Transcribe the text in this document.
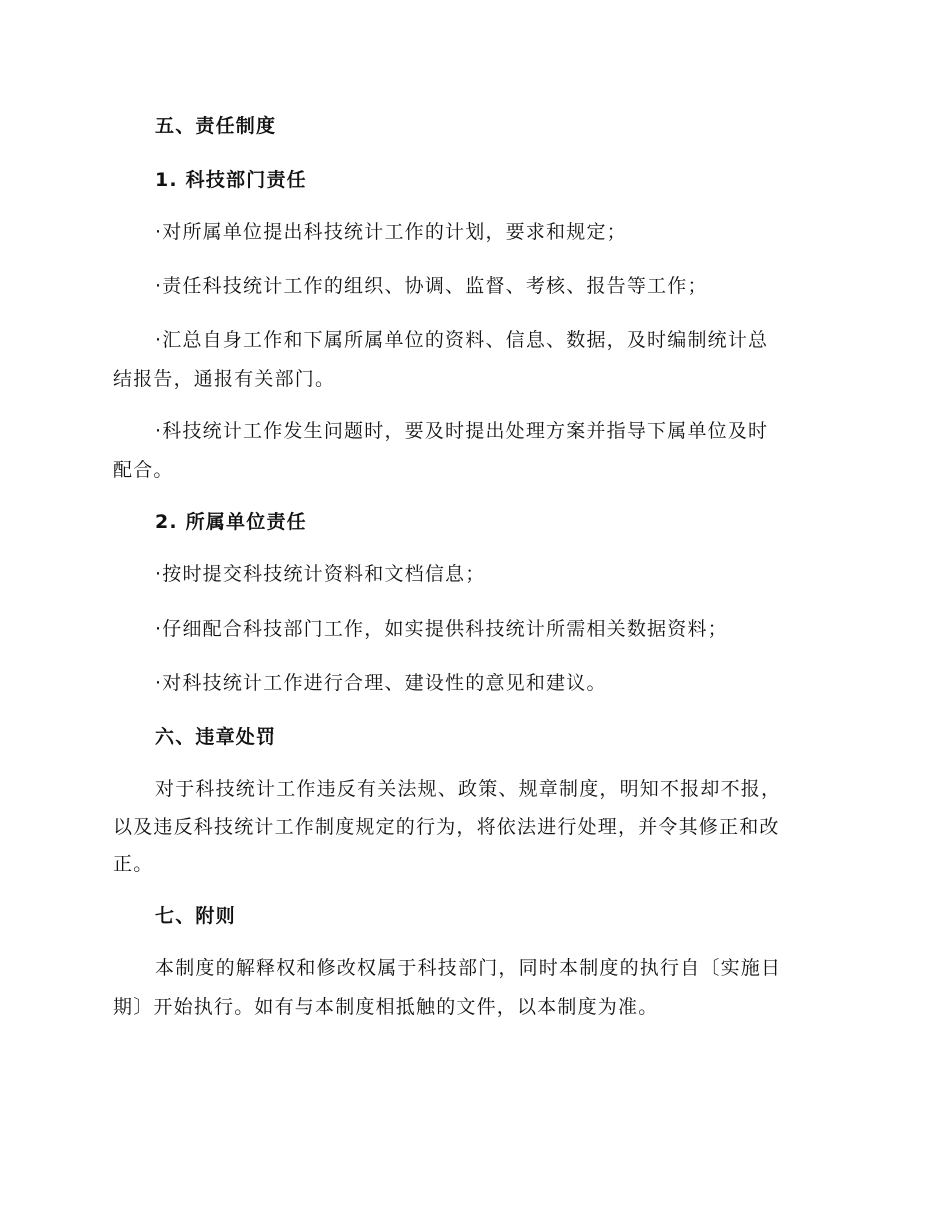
五、责任制度
1. 科技部门责任
·对所属单位提出科技统计工作的计划，要求和规定；
·责任科技统计工作的组织、协调、监督、考核、报告等工作；
·汇总自身工作和下属所属单位的资料、信息、数据，及时编制统计总
结报告，通报有关部门。
·科技统计工作发生问题时，要及时提出处理方案并指导下属单位及时
配合。
2. 所属单位责任
·按时提交科技统计资料和文档信息；
·仔细配合科技部门工作，如实提供科技统计所需相关数据资料；
·对科技统计工作进行合理、建设性的意见和建议。
六、违章处罚
对于科技统计工作违反有关法规、政策、规章制度，明知不报却不报，
以及违反科技统计工作制度规定的行为，将依法进行处理，并令其修正和改
正。
七、附则
本制度的解释权和修改权属于科技部门，同时本制度的执行自〔实施日
期〕开始执行。如有与本制度相抵触的文件，以本制度为准。
